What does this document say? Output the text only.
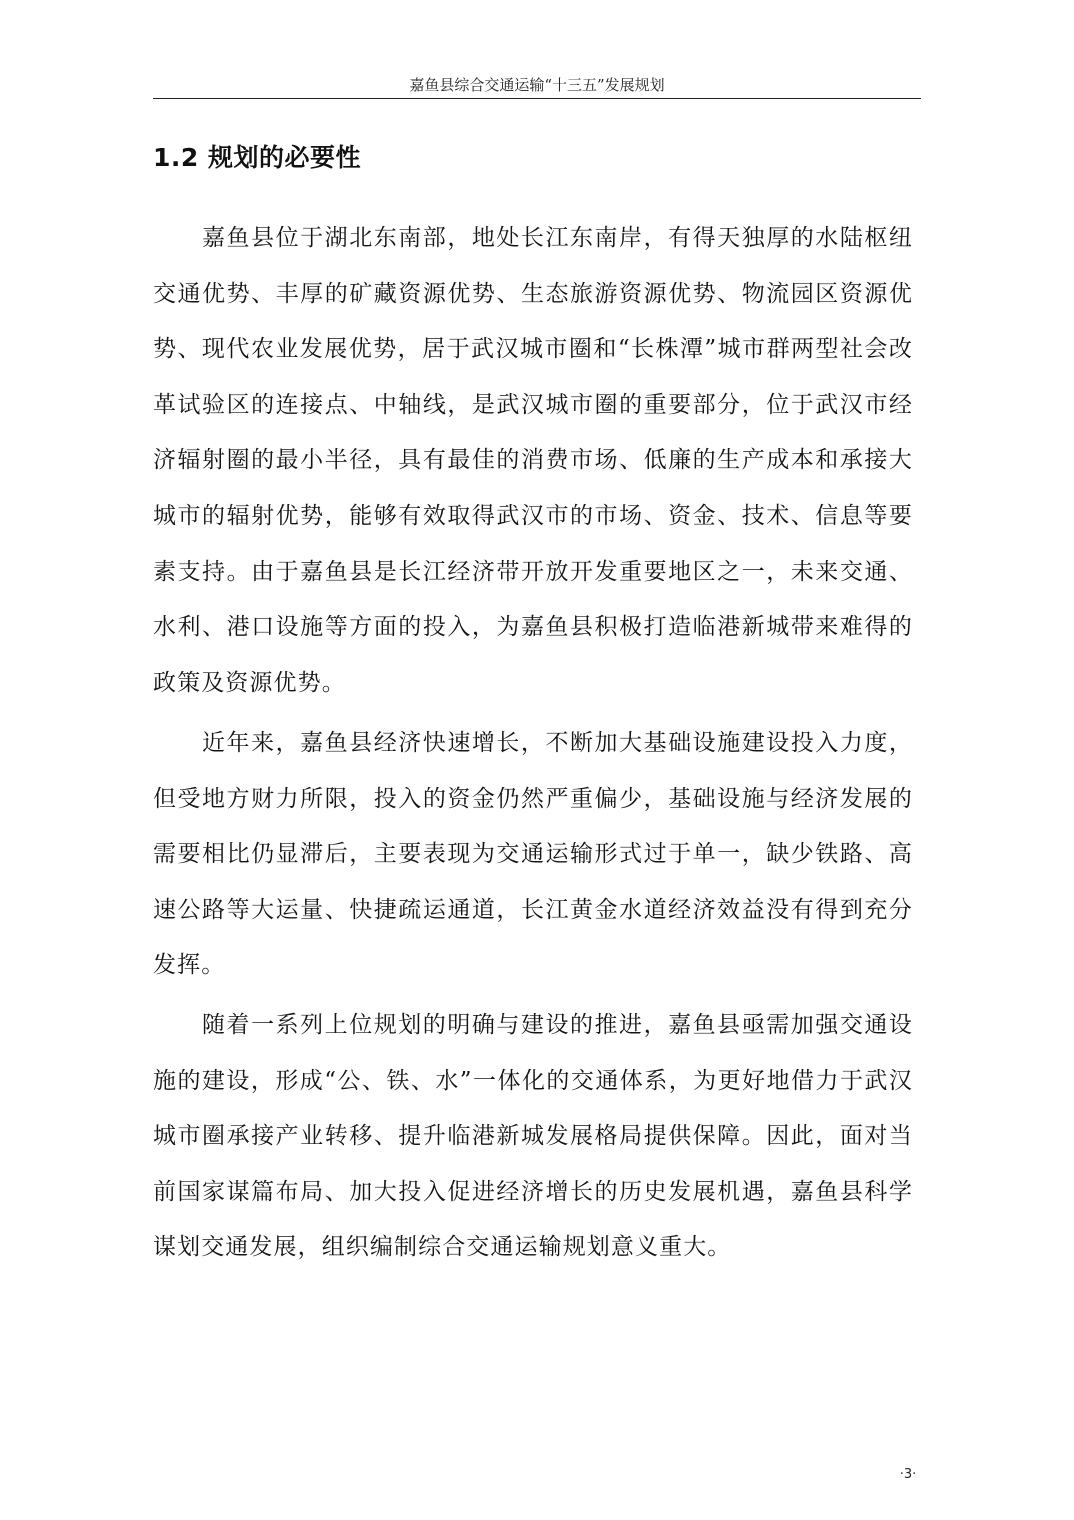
嘉鱼县综合交通运输“十三五”发展规划
1.2 规划的必要性

嘉鱼县位于湖北东南部，地处长江东南岸，有得天独厚的水陆枢纽交通优势、丰厚的矿藏资源优势、生态旅游资源优势、物流园区资源优势、现代农业发展优势，居于武汉城市圈和“长株潭”城市群两型社会改革试验区的连接点、中轴线，是武汉城市圈的重要部分，位于武汉市经济辐射圈的最小半径，具有最佳的消费市场、低廉的生产成本和承接大城市的辐射优势，能够有效取得武汉市的市场、资金、技术、信息等要素支持。由于嘉鱼县是长江经济带开放开发重要地区之一，未来交通、水利、港口设施等方面的投入，为嘉鱼县积极打造临港新城带来难得的政策及资源优势。

近年来，嘉鱼县经济快速增长，不断加大基础设施建设投入力度，但受地方财力所限，投入的资金仍然严重偏少，基础设施与经济发展的需要相比仍显滞后，主要表现为交通运输形式过于单一，缺少铁路、高速公路等大运量、快捷疏运通道，长江黄金水道经济效益没有得到充分发挥。

随着一系列上位规划的明确与建设的推进，嘉鱼县亟需加强交通设施的建设，形成“公、铁、水”一体化的交通体系，为更好地借力于武汉城市圈承接产业转移、提升临港新城发展格局提供保障。因此，面对当前国家谋篇布局、加大投入促进经济增长的历史发展机遇，嘉鱼县科学谋划交通发展，组织编制综合交通运输规划意义重大。

·3·
